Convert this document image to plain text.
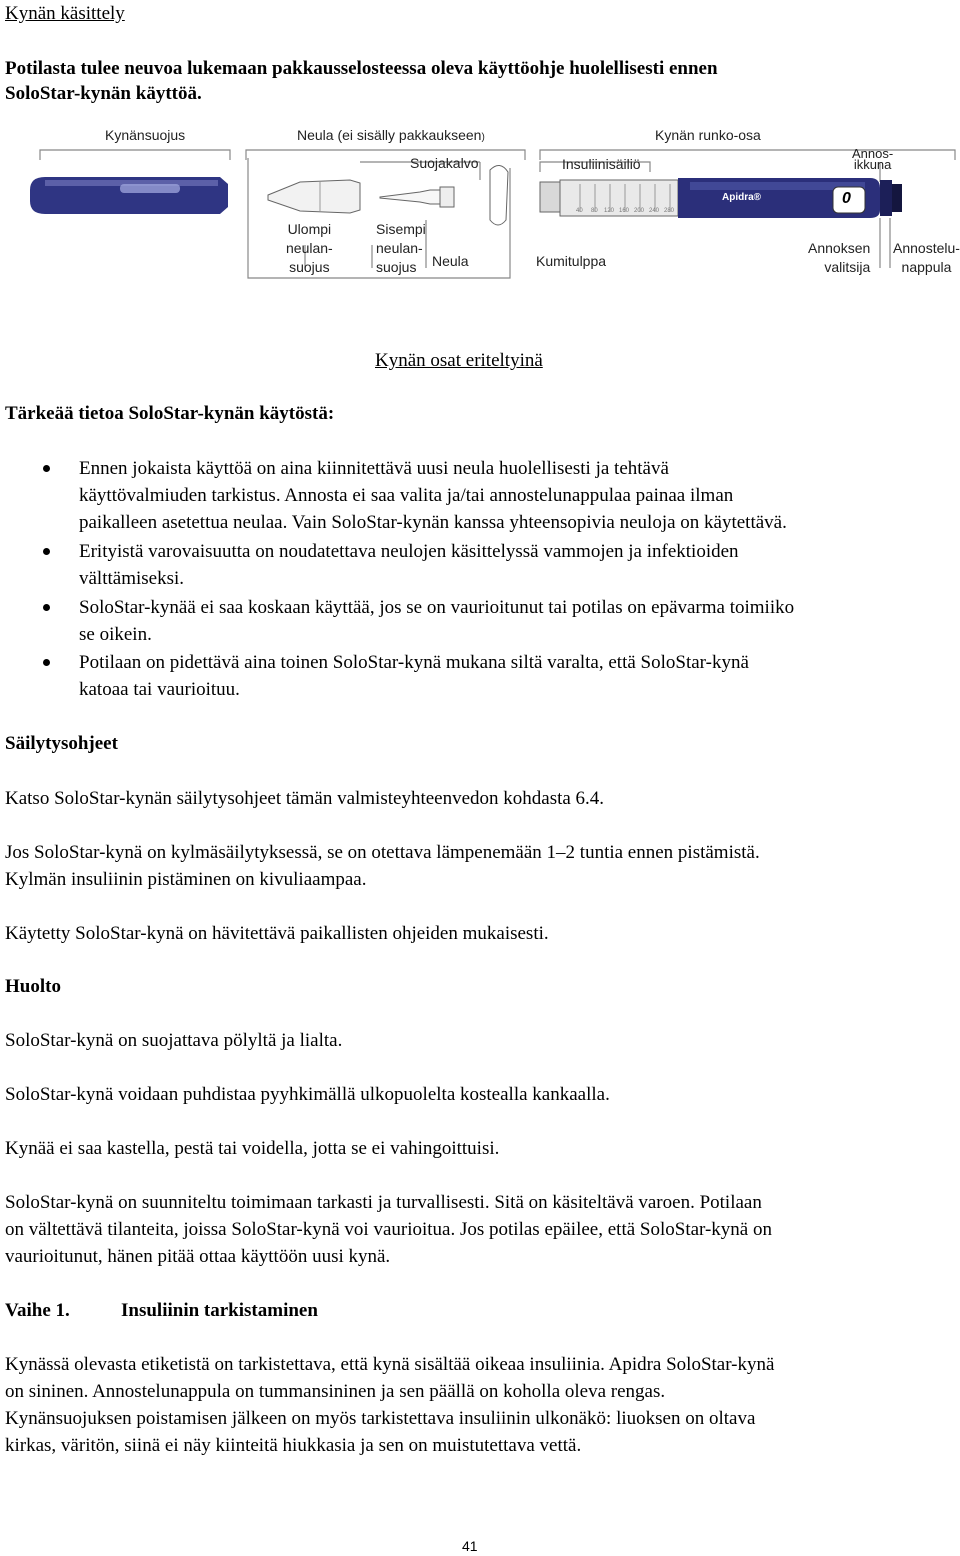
Kynän käsittely
Potilasta tulee neuvoa lukemaan pakkausselosteessa oleva käyttöohje huolellisesti ennen
SoloStar-kynän käyttöä.
40 80 120 160 200 240 280
Apidra®	0
Kynänsuojus	Neula (ei sisälly pakkaukseen)	Kynän runko-osa
Suojakalvo	Insuliinisäiliö
Annos-
ikkuna
Ulompi
neulan-
suojus
Sisempi
neulan-
suojus	Neula	Kumitulppa
Annoksen
valitsija
Annostelu-
nappula
Kynän osat eriteltyinä
Tärkeää tietoa SoloStar-kynän käytöstä:
Ennen jokaista käyttöä on aina kiinnitettävä uusi neula huolellisesti ja tehtävä
käyttövalmiuden tarkistus. Annosta ei saa valita ja/tai annostelunappulaa painaa ilman
paikalleen asetettua neulaa. Vain SoloStar-kynän kanssa yhteensopivia neuloja on käytettävä.
Erityistä varovaisuutta on noudatettava neulojen käsittelyssä vammojen ja infektioiden
välttämiseksi.
SoloStar-kynää ei saa koskaan käyttää, jos se on vaurioitunut tai potilas on epävarma toimiiko
se oikein.
Potilaan on pidettävä aina toinen SoloStar-kynä mukana siltä varalta, että SoloStar-kynä
katoaa tai vaurioituu.
Säilytysohjeet
Katso SoloStar-kynän säilytysohjeet tämän valmisteyhteenvedon kohdasta 6.4.
Jos SoloStar-kynä on kylmäsäilytyksessä, se on otettava lämpenemään 1–2 tuntia ennen pistämistä.
Kylmän insuliinin pistäminen on kivuliaampaa.
Käytetty SoloStar-kynä on hävitettävä paikallisten ohjeiden mukaisesti.
Huolto
SoloStar-kynä on suojattava pölyltä ja lialta.
SoloStar-kynä voidaan puhdistaa pyyhkimällä ulkopuolelta kostealla kankaalla.
Kynää ei saa kastella, pestä tai voidella, jotta se ei vahingoittuisi.
SoloStar-kynä on suunniteltu toimimaan tarkasti ja turvallisesti. Sitä on käsiteltävä varoen. Potilaan
on vältettävä tilanteita, joissa SoloStar-kynä voi vaurioitua. Jos potilas epäilee, että SoloStar-kynä on
vaurioitunut, hänen pitää ottaa käyttöön uusi kynä.
Vaihe 1.	Insuliinin tarkistaminen
Kynässä olevasta etiketistä on tarkistettava, että kynä sisältää oikeaa insuliinia. Apidra SoloStar-kynä
on sininen. Annostelunappula on tummansininen ja sen päällä on koholla oleva rengas.
Kynänsuojuksen poistamisen jälkeen on myös tarkistettava insuliinin ulkonäkö: liuoksen on oltava
kirkas, väritön, siinä ei näy kiinteitä hiukkasia ja sen on muistutettava vettä.
41
